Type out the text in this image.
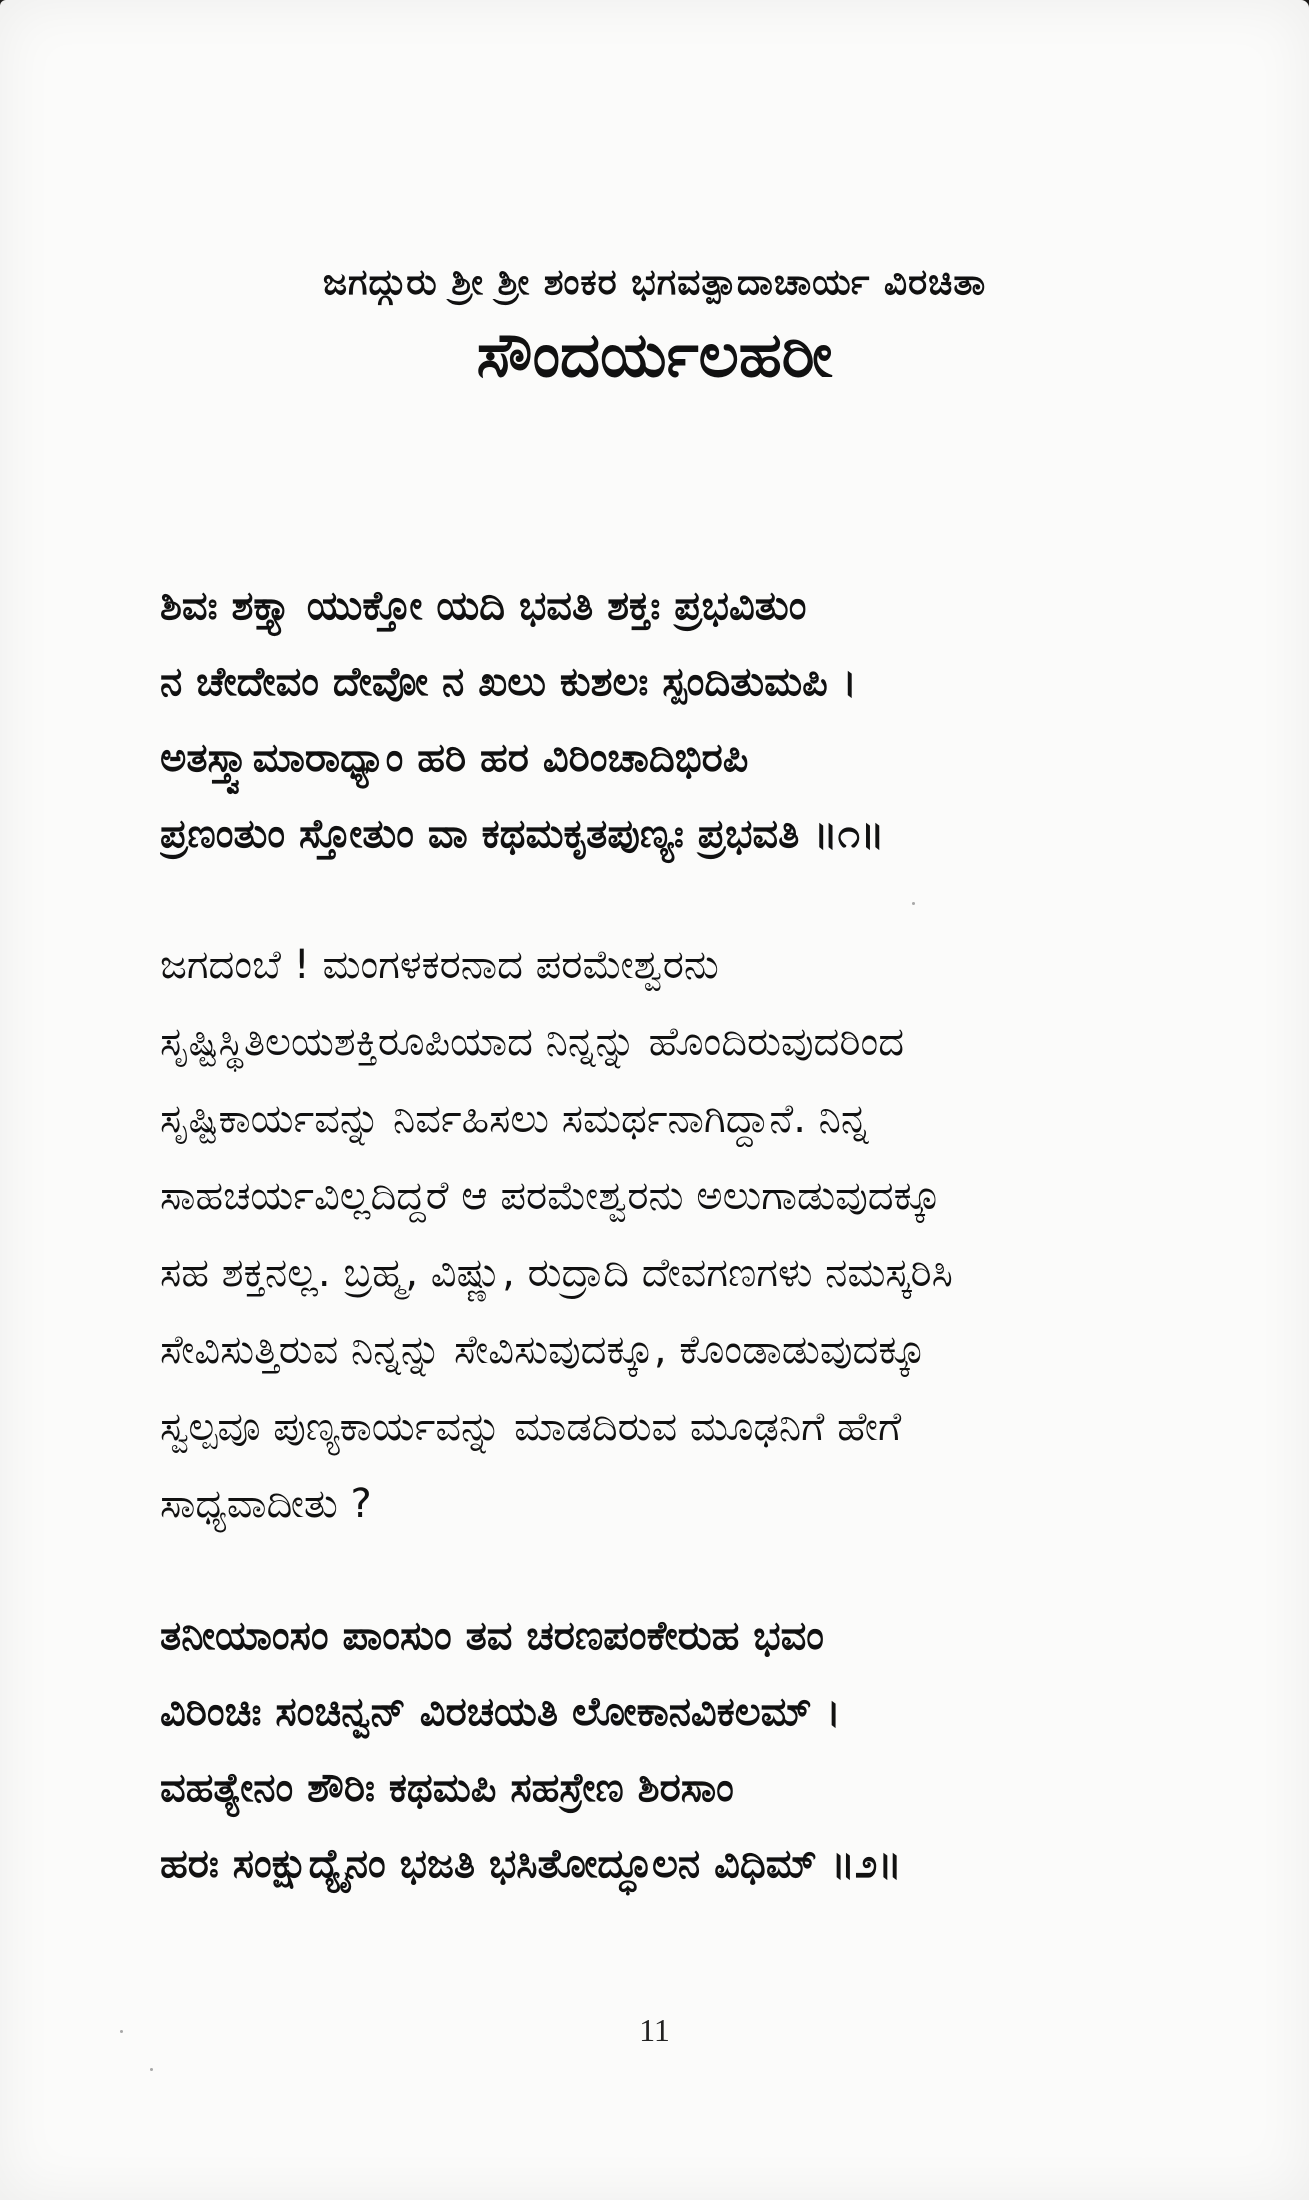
ಜಗದ್ಗುರು ಶ್ರೀ ಶ್ರೀ ಶಂಕರ ಭಗವತ್ಪಾದಾಚಾರ್ಯ ವಿರಚಿತಾ
ಸೌಂದರ್ಯಲಹರೀ
ಶಿವಃ ಶಕ್ತ್ಯಾ ಯುಕ್ತೋ ಯದಿ ಭವತಿ ಶಕ್ತಃ ಪ್ರಭವಿತುಂ
ನ ಚೇದೇವಂ ದೇವೋ ನ ಖಲು ಕುಶಲಃ ಸ್ಪಂದಿತುಮಪಿ ।
ಅತಸ್ತ್ವಾಮಾರಾಧ್ಯಾಂ ಹರಿ ಹರ ವಿರಿಂಚಾದಿಭಿರಪಿ
ಪ್ರಣಂತುಂ ಸ್ತೋತುಂ ವಾ ಕಥಮಕೃತಪುಣ್ಯಃ ಪ್ರಭವತಿ ॥೧॥
ಜಗದಂಬೆ ! ಮಂಗಳಕರನಾದ ಪರಮೇಶ್ವರನು
ಸೃಷ್ಟಿಸ್ಥಿತಿಲಯಶಕ್ತಿರೂಪಿಯಾದ ನಿನ್ನನ್ನು ಹೊಂದಿರುವುದರಿಂದ
ಸೃಷ್ಟಿಕಾರ್ಯವನ್ನು ನಿರ್ವಹಿಸಲು ಸಮರ್ಥನಾಗಿದ್ದಾನೆ. ನಿನ್ನ
ಸಾಹಚರ್ಯವಿಲ್ಲದಿದ್ದರೆ ಆ ಪರಮೇಶ್ವರನು ಅಲುಗಾಡುವುದಕ್ಕೂ
ಸಹ ಶಕ್ತನಲ್ಲ. ಬ್ರಹ್ಮ, ವಿಷ್ಣು, ರುದ್ರಾದಿ ದೇವಗಣಗಳು ನಮಸ್ಕರಿಸಿ
ಸೇವಿಸುತ್ತಿರುವ ನಿನ್ನನ್ನು ಸೇವಿಸುವುದಕ್ಕೂ, ಕೊಂಡಾಡುವುದಕ್ಕೂ
ಸ್ವಲ್ಪವೂ ಪುಣ್ಯಕಾರ್ಯವನ್ನು ಮಾಡದಿರುವ ಮೂಢನಿಗೆ ಹೇಗೆ
ಸಾಧ್ಯವಾದೀತು ?
ತನೀಯಾಂಸಂ ಪಾಂಸುಂ ತವ ಚರಣಪಂಕೇರುಹ ಭವಂ
ವಿರಿಂಚಿಃ ಸಂಚಿನ್ವನ್ ವಿರಚಯತಿ ಲೋಕಾನವಿಕಲಮ್ ।
ವಹತ್ಯೇನಂ ಶೌರಿಃ ಕಥಮಪಿ ಸಹಸ್ರೇಣ ಶಿರಸಾಂ
ಹರಃ ಸಂಕ್ಷುದ್ಯೈನಂ ಭಜತಿ ಭಸಿತೋದ್ಧೂಲನ ವಿಧಿಮ್ ॥೨॥
11
